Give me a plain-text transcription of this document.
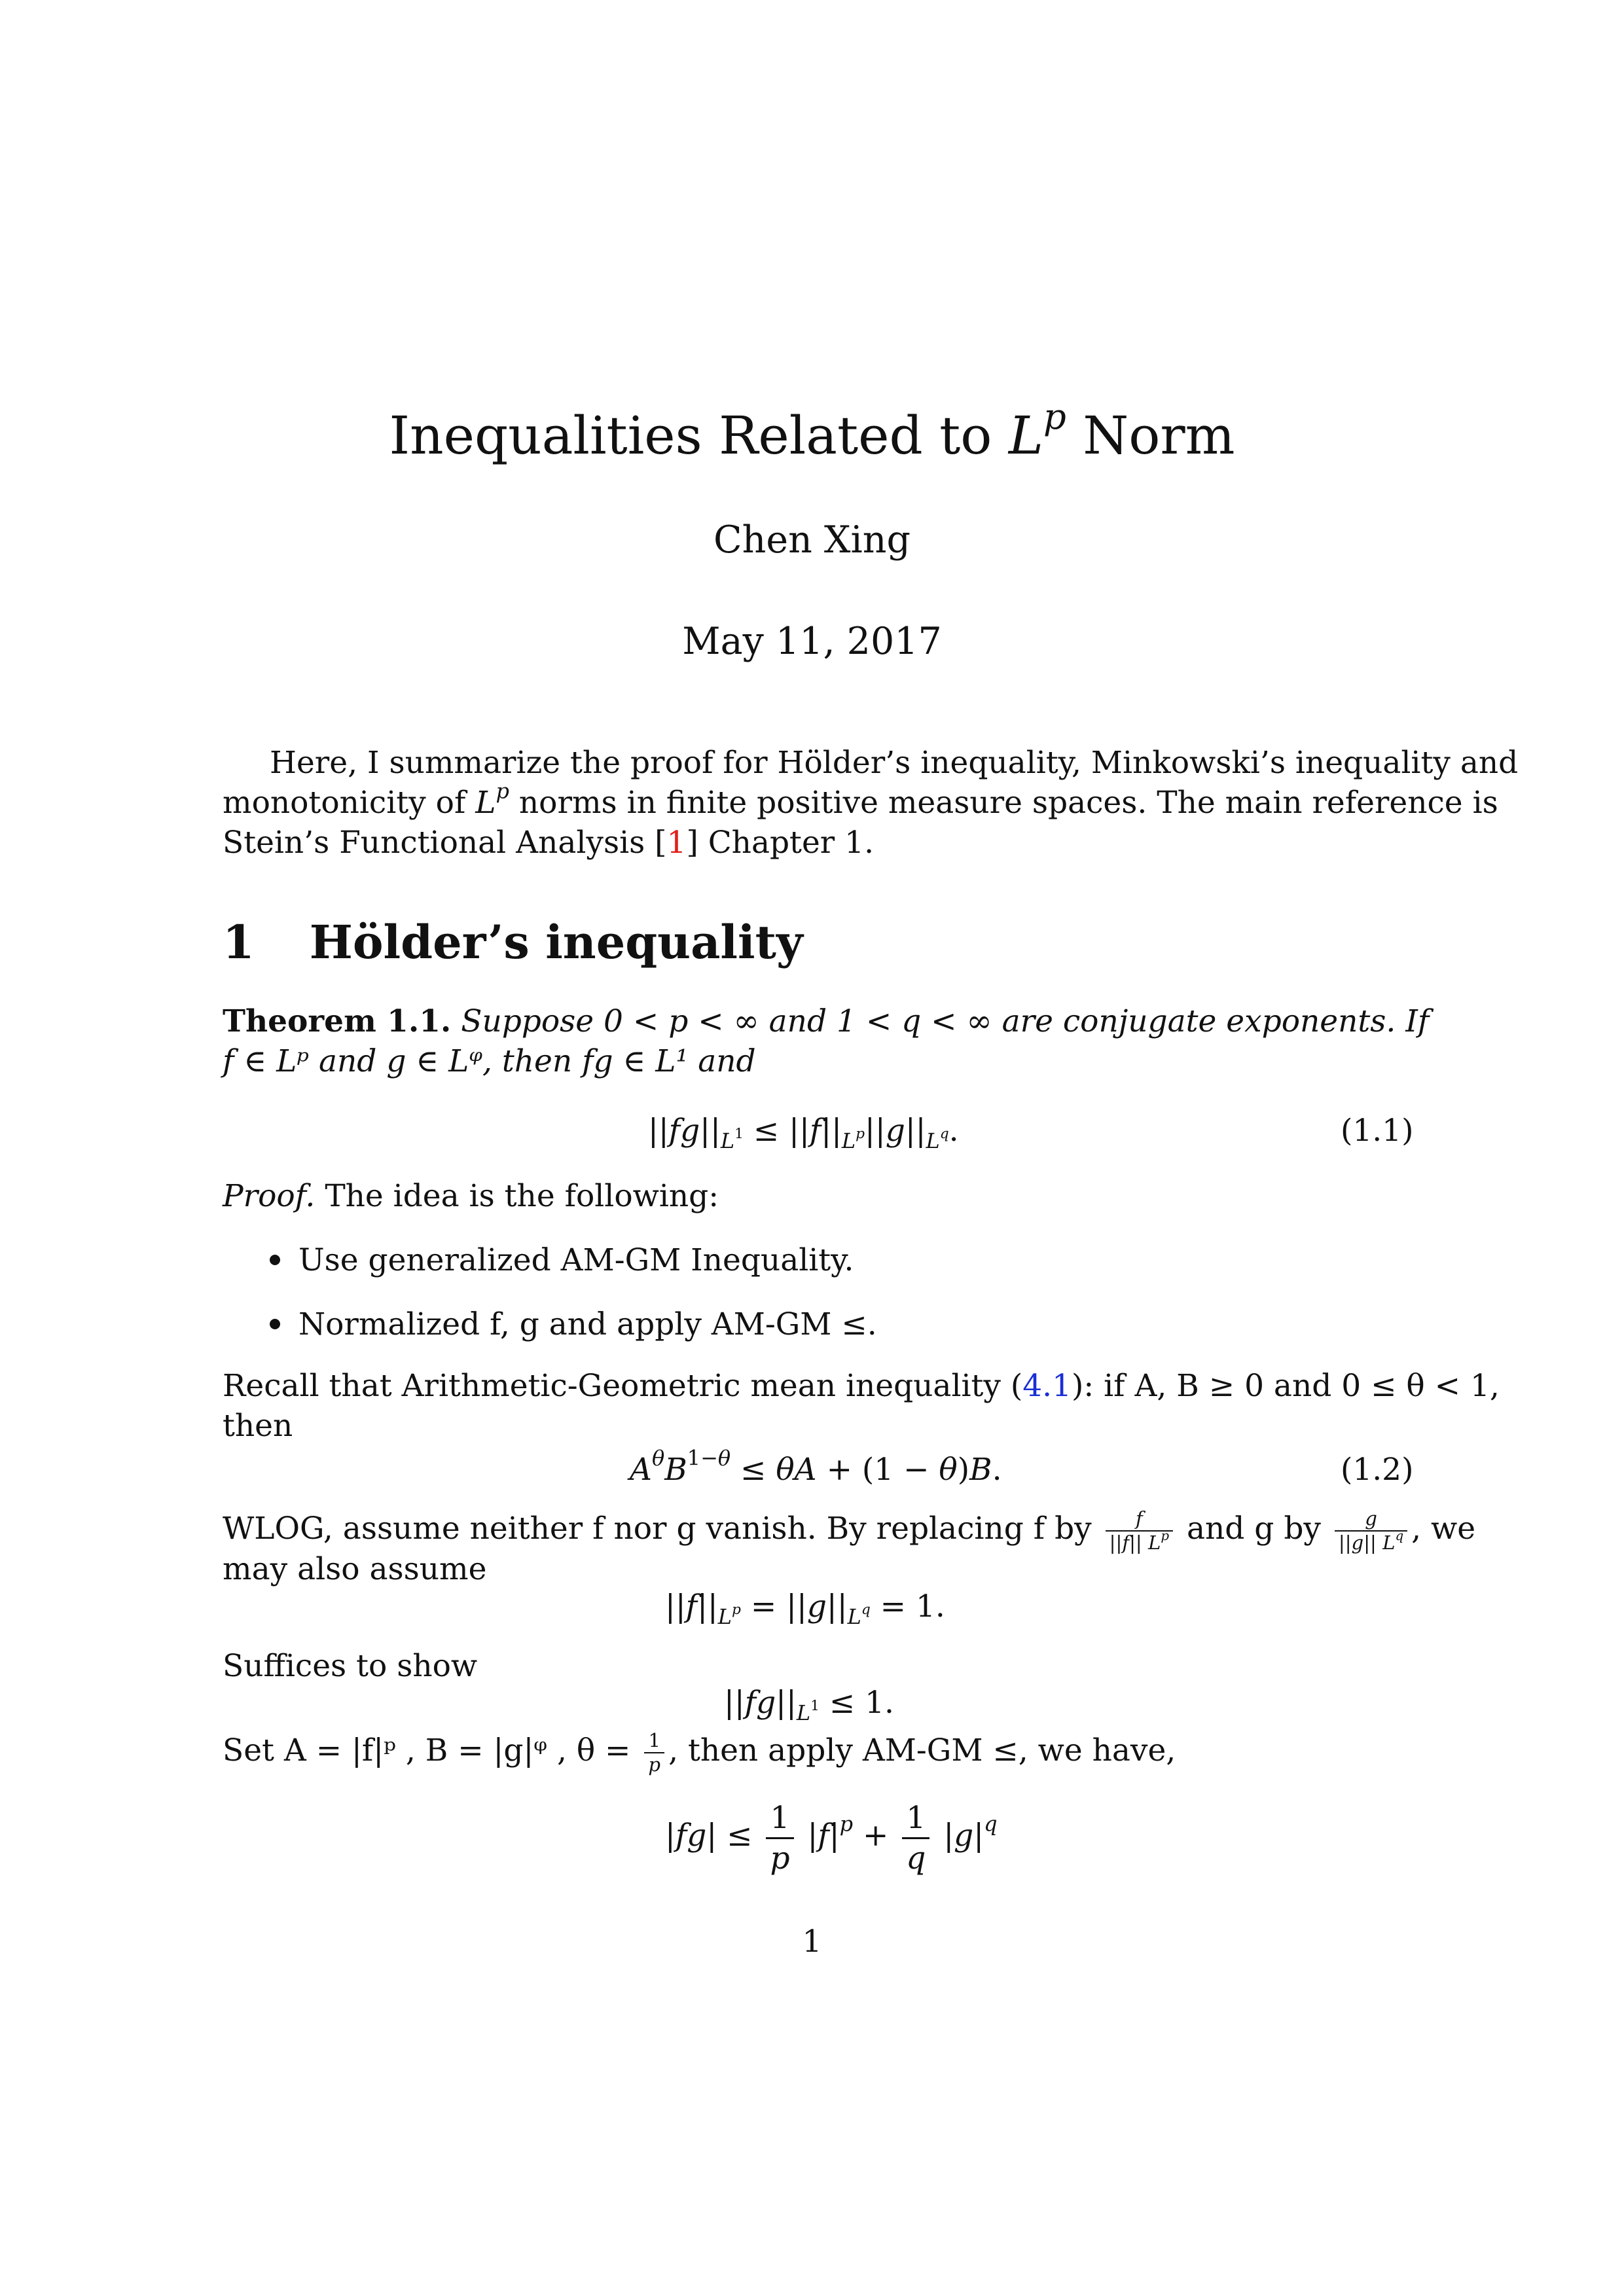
Inequalities Related to $L^p$ Norm
Chen Xing
May 11, 2017
Here, I summarize the proof for Hölder’s inequality, Minkowski’s inequality and
monotonicity of $L^p$ norms in finite positive measure spaces. The main reference is
Stein’s Functional Analysis [1] Chapter 1.
1 Hölder’s inequality
Theorem 1.1. Suppose 0 < p < ∞ and 1 < q < ∞ are conjugate exponents. If
f ∈ Lᵖ and g ∈ Lᵠ, then fg ∈ L¹ and
$||fg||_{L^1} \le ||f||_{L^p}||g||_{L^q}$.	(1.1)
Proof. The idea is the following:
Use generalized AM-GM Inequality.
Normalized f, g and apply AM-GM ≤.
Recall that Arithmetic-Geometric mean inequality (4.1): if A, B ≥ 0 and 0 ≤ θ < 1,
then
$A^\theta B^{1-\theta} \le \theta A + (1 - \theta)B$.	(1.2)
WLOG, assume neither f nor g vanish. By replacing f by $\frac{f}{||f|| L^p}$ and g by $\frac{g}{||g|| L^q}$ , we
may also assume
$||f||_{L^p} = ||g||_{L^q} = 1$.
Suffices to show
$||fg||_{L^1} \le 1$.
Set A = |f|ᵖ , B = |g|ᵠ , $\theta = \frac{1}{p}$ , then apply AM-GM ≤, we have,
$|fg| \le \frac{1}{p} |f|^p + \frac{1}{q} |g|^q$
1
